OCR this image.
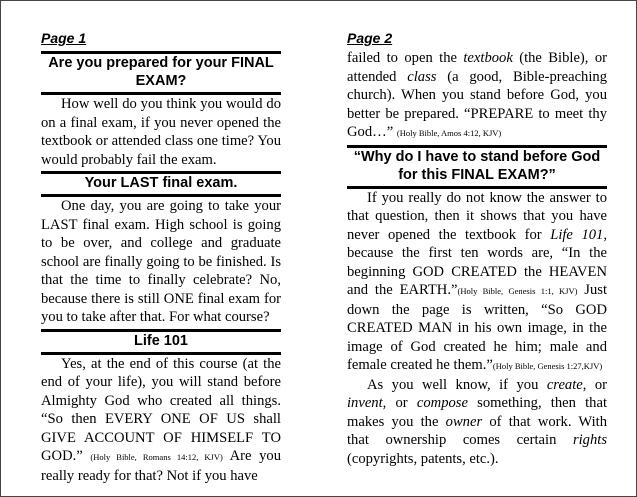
Page 1	Page 2
Are you prepared for your FINAL EXAM?

How well do you think you would do on a final exam, if you never opened the textbook or attended class one time? You would probably fail the exam.

Your LAST final exam.

One day, you are going to take your LAST final exam. High school is going to be over, and college and graduate school are finally going to be finished. Is that the time to finally celebrate? No, because there is still ONE final exam for you to take after that. For what course?

Life 101

Yes, at the end of this course (at the end of your life), you will stand before Almighty God who created all things. “So then EVERY ONE OF US shall GIVE ACCOUNT OF HIMSELF TO GOD.” (Holy Bible, Romans 14:12, KJV) Are you really ready for that? Not if you have

failed to open the textbook (the Bible), or attended class (a good, Bible-preaching church). When you stand before God, you better be prepared. “PREPARE to meet thy God…” (Holy Bible, Amos 4:12, KJV)

“Why do I have to stand before God for this FINAL EXAM?”

If you really do not know the answer to that question, then it shows that you have never opened the textbook for Life 101, because the first ten words are, “In the beginning GOD CREATED the HEAVEN and the EARTH.”(Holy Bible, Genesis 1:1, KJV) Just down the page is written, “So GOD CREATED MAN in his own image, in the image of God created he him; male and female created he them.”(Holy Bible, Genesis 1:27,KJV)

As you well know, if you create, or invent, or compose something, then that makes you the owner of that work. With that ownership comes certain rights (copyrights, patents, etc.).
